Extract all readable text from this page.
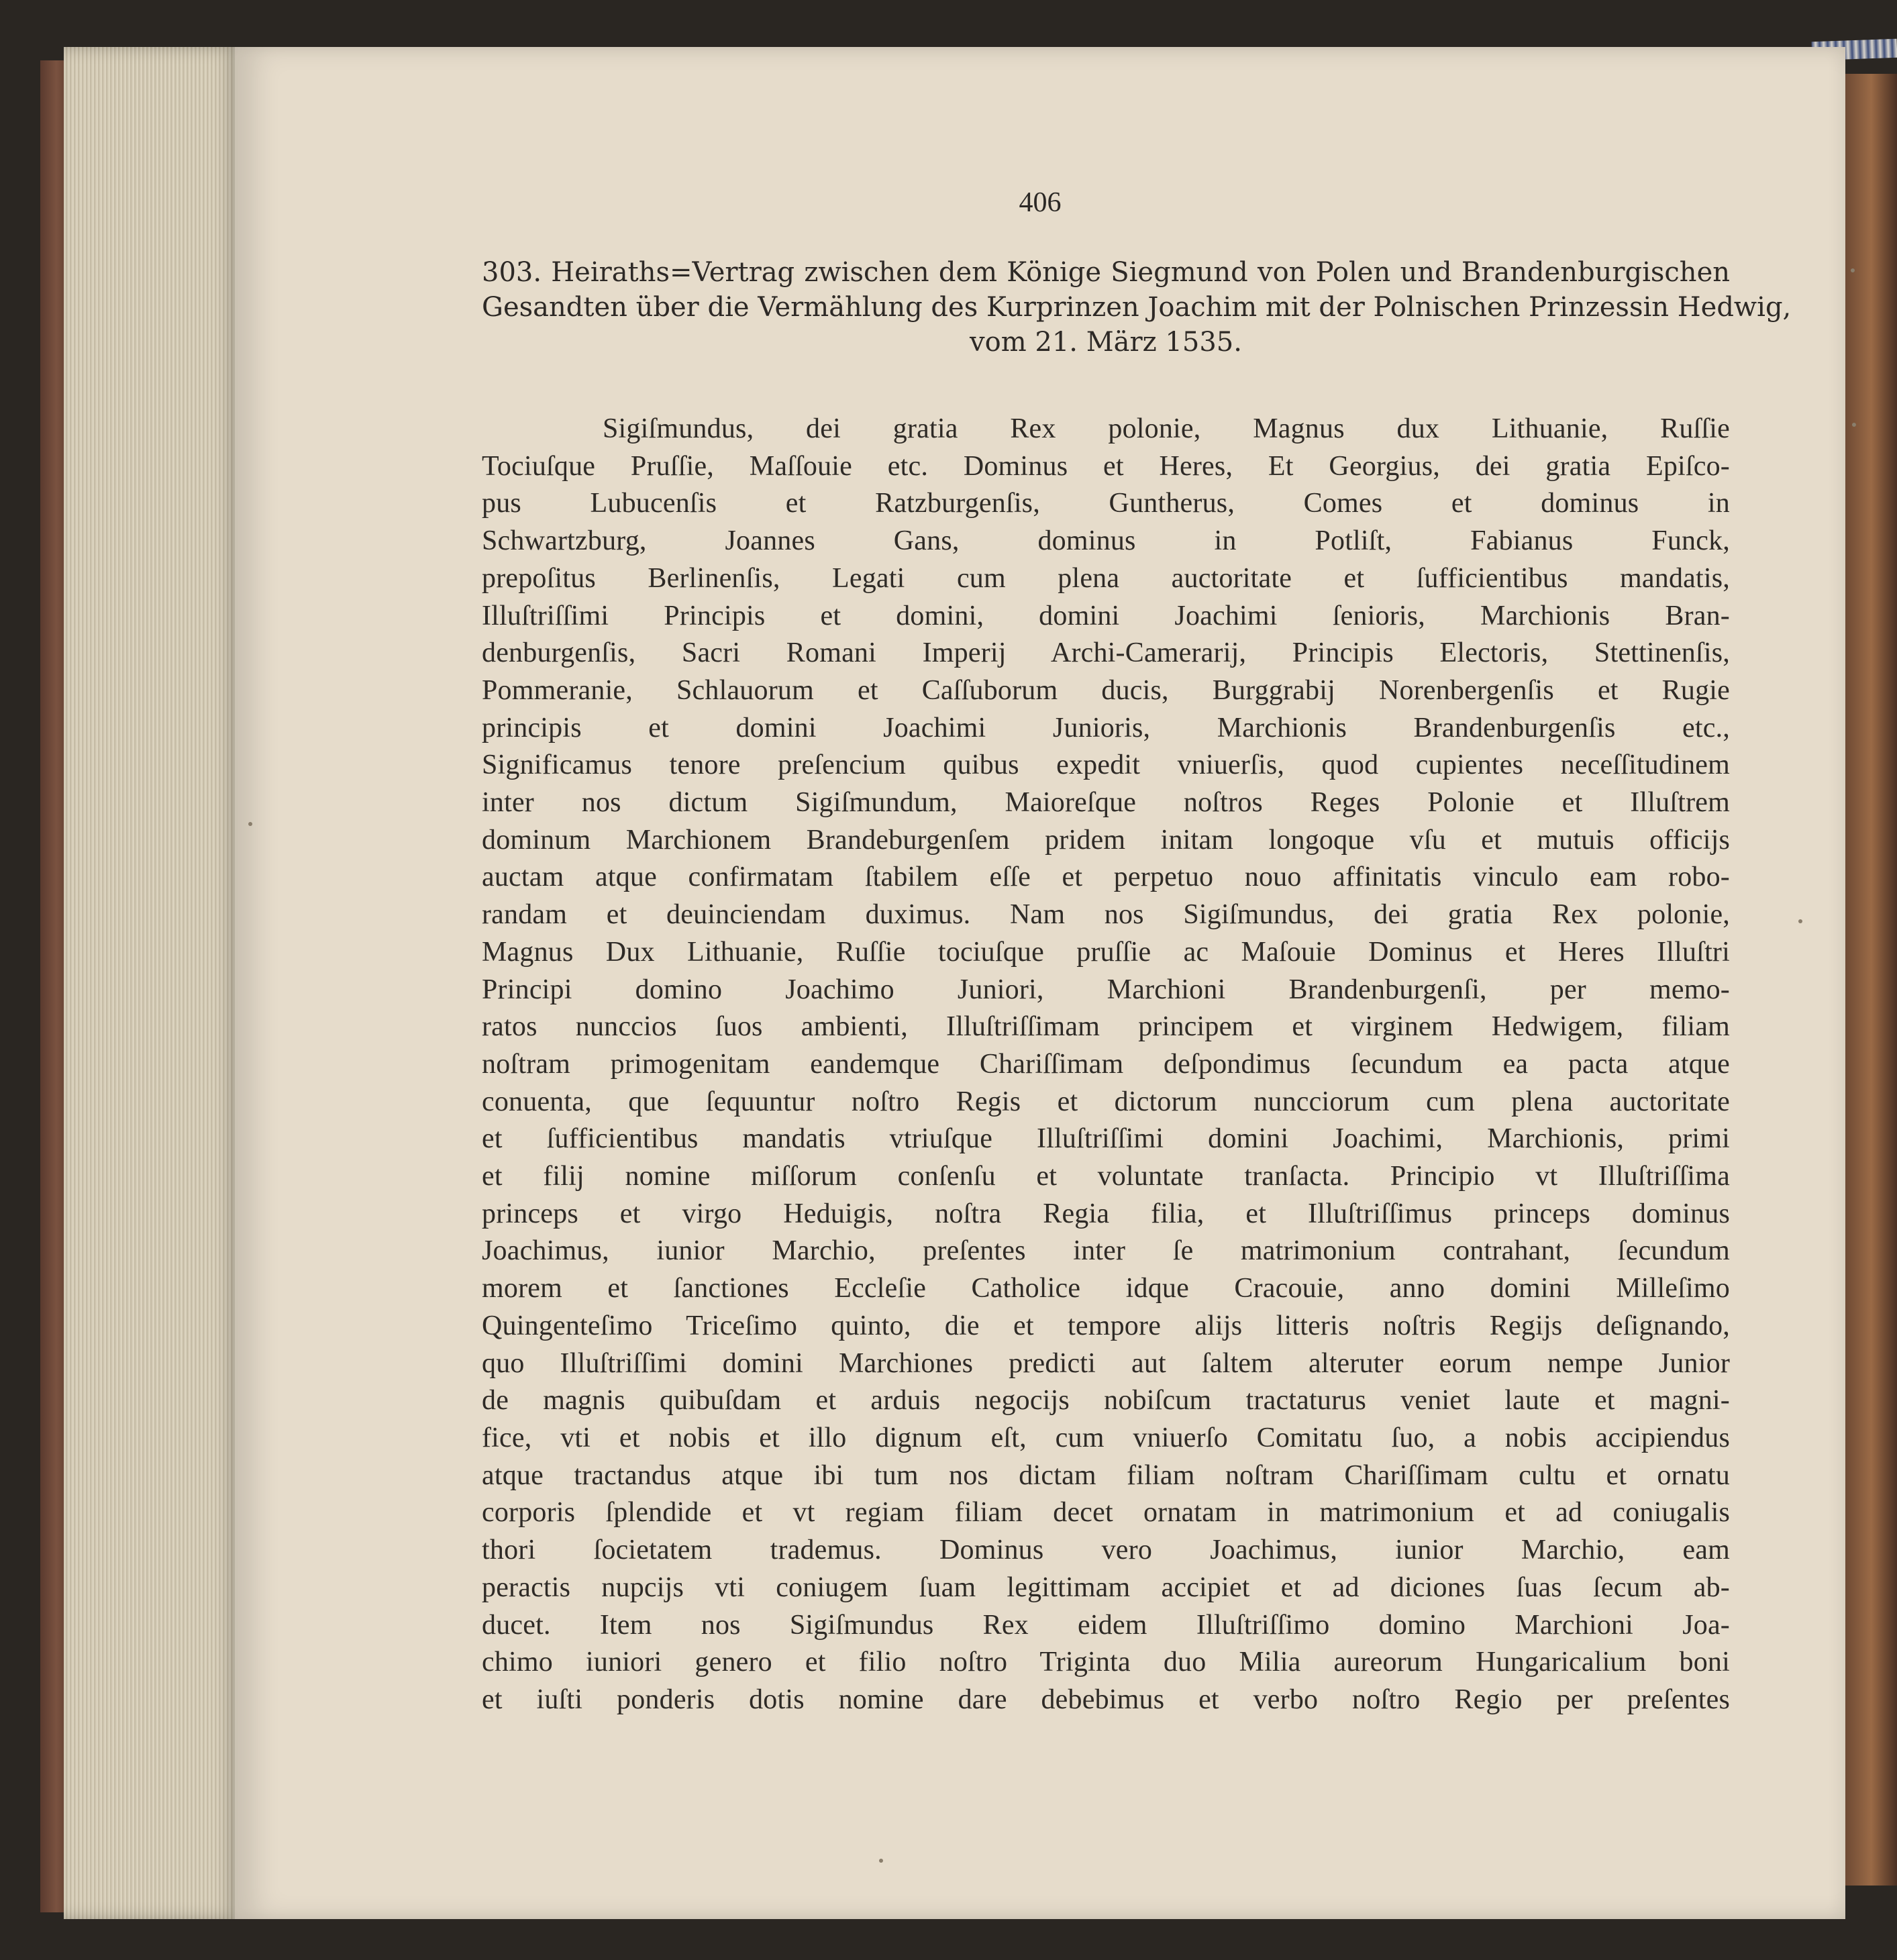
406
303. Heiraths=Vertrag zwischen dem Könige Siegmund von Polen und Brandenburgischen
Gesandten über die Vermählung des Kurprinzen Joachim mit der Polnischen Prinzessin Hedwig,
vom 21. März 1535.
Sigiſmundus, dei gratia Rex polonie, Magnus dux Lithuanie, Ruſſie
Tociuſque Pruſſie, Maſſouie etc. Dominus et Heres, Et Georgius, dei gratia Epiſco-
pus Lubucenſis et Ratzburgenſis, Guntherus, Comes et dominus in
Schwartzburg, Joannes Gans, dominus in Potliſt, Fabianus Funck,
prepoſitus Berlinenſis, Legati cum plena auctoritate et ſufficientibus mandatis,
Illuſtriſſimi Principis et domini, domini Joachimi ſenioris, Marchionis Bran-
denburgenſis, Sacri Romani Imperij Archi-Camerarij, Principis Electoris, Stettinenſis,
Pommeranie, Schlauorum et Caſſuborum ducis, Burggrabij Norenbergenſis et Rugie
principis et domini Joachimi Junioris, Marchionis Brandenburgenſis etc.,
Significamus tenore preſencium quibus expedit vniuerſis, quod cupientes neceſſitudinem
inter nos dictum Sigiſmundum, Maioreſque noſtros Reges Polonie et Illuſtrem
dominum Marchionem Brandeburgenſem pridem initam longoque vſu et mutuis officijs
auctam atque confirmatam ſtabilem eſſe et perpetuo nouo affinitatis vinculo eam robo-
randam et deuinciendam duximus. Nam nos Sigiſmundus, dei gratia Rex polonie,
Magnus Dux Lithuanie, Ruſſie tociuſque pruſſie ac Maſouie Dominus et Heres Illuſtri
Principi domino Joachimo Juniori, Marchioni Brandenburgenſi, per memo-
ratos nunccios ſuos ambienti, Illuſtriſſimam principem et virginem Hedwigem, filiam
noſtram primogenitam eandemque Chariſſimam deſpondimus ſecundum ea pacta atque
conuenta, que ſequuntur noſtro Regis et dictorum nuncciorum cum plena auctoritate
et ſufficientibus mandatis vtriuſque Illuſtriſſimi domini Joachimi, Marchionis, primi
et filij nomine miſſorum conſenſu et voluntate tranſacta. Principio vt Illuſtriſſima
princeps et virgo Heduigis, noſtra Regia filia, et Illuſtriſſimus princeps dominus
Joachimus, iunior Marchio, preſentes inter ſe matrimonium contrahant, ſecundum
morem et ſanctiones Eccleſie Catholice idque Cracouie, anno domini Milleſimo
Quingenteſimo Triceſimo quinto, die et tempore alijs litteris noſtris Regijs deſignando,
quo Illuſtriſſimi domini Marchiones predicti aut ſaltem alteruter eorum nempe Junior
de magnis quibuſdam et arduis negocijs nobiſcum tractaturus veniet laute et magni-
fice, vti et nobis et illo dignum eſt, cum vniuerſo Comitatu ſuo, a nobis accipiendus
atque tractandus atque ibi tum nos dictam filiam noſtram Chariſſimam cultu et ornatu
corporis ſplendide et vt regiam filiam decet ornatam in matrimonium et ad coniugalis
thori ſocietatem trademus. Dominus vero Joachimus, iunior Marchio, eam
peractis nupcijs vti coniugem ſuam legittimam accipiet et ad diciones ſuas ſecum ab-
ducet. Item nos Sigiſmundus Rex eidem Illuſtriſſimo domino Marchioni Joa-
chimo iuniori genero et filio noſtro Triginta duo Milia aureorum Hungaricalium boni
et iuſti ponderis dotis nomine dare debebimus et verbo noſtro Regio per preſentes
